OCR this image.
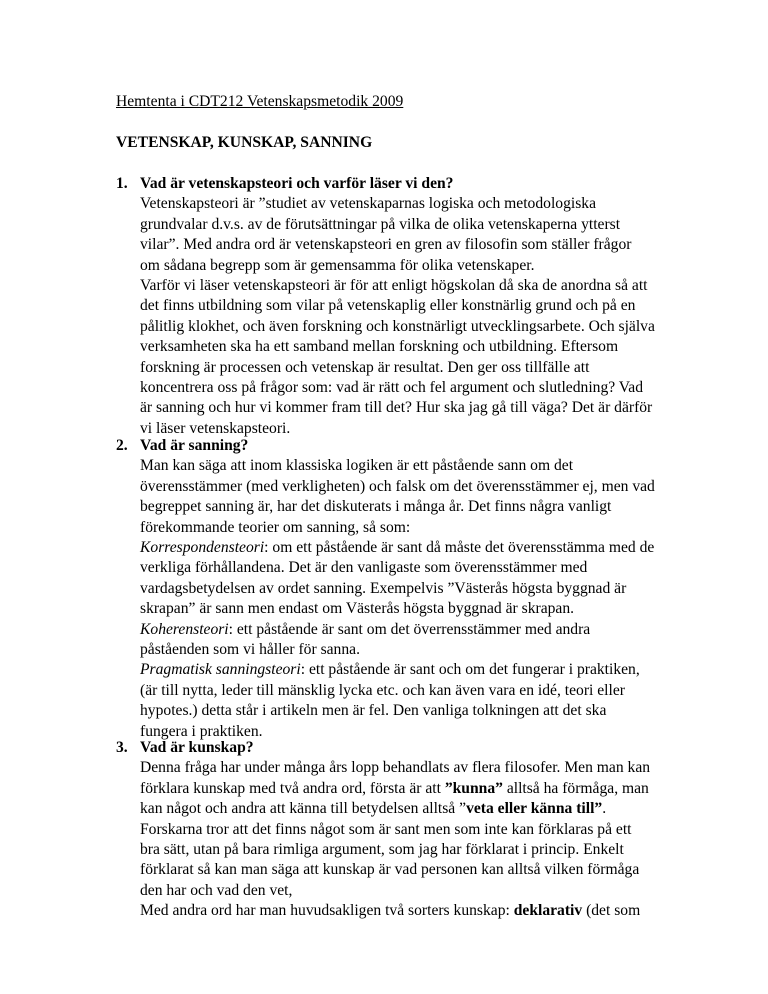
Hemtenta i CDT212 Vetenskapsmetodik 2009
VETENSKAP, KUNSKAP, SANNING
1. Vad är vetenskapsteori och varför läser vi den?
Vetenskapsteori är ”studiet av vetenskaparnas logiska och metodologiska
grundvalar d.v.s. av de förutsättningar på vilka de olika vetenskaperna ytterst
vilar”. Med andra ord är vetenskapsteori en gren av filosofin som ställer frågor
om sådana begrepp som är gemensamma för olika vetenskaper.
Varför vi läser vetenskapsteori är för att enligt högskolan då ska de anordna så att
det finns utbildning som vilar på vetenskaplig eller konstnärlig grund och på en
pålitlig klokhet, och även forskning och konstnärligt utvecklingsarbete. Och själva
verksamheten ska ha ett samband mellan forskning och utbildning. Eftersom
forskning är processen och vetenskap är resultat. Den ger oss tillfälle att
koncentrera oss på frågor som: vad är rätt och fel argument och slutledning? Vad
är sanning och hur vi kommer fram till det? Hur ska jag gå till väga? Det är därför
vi läser vetenskapsteori.
2. Vad är sanning?
Man kan säga att inom klassiska logiken är ett påstående sann om det
överensstämmer (med verkligheten) och falsk om det överensstämmer ej, men vad
begreppet sanning är, har det diskuterats i många år. Det finns några vanligt
förekommande teorier om sanning, så som:
Korrespondensteori: om ett påstående är sant då måste det överensstämma med de
verkliga förhållandena. Det är den vanligaste som överensstämmer med
vardagsbetydelsen av ordet sanning. Exempelvis ”Västerås högsta byggnad är
skrapan” är sann men endast om Västerås högsta byggnad är skrapan.
Koherensteori: ett påstående är sant om det överrensstämmer med andra
påståenden som vi håller för sanna.
Pragmatisk sanningsteori: ett påstående är sant och om det fungerar i praktiken,
(är till nytta, leder till mänsklig lycka etc. och kan även vara en idé, teori eller
hypotes.) detta står i artikeln men är fel. Den vanliga tolkningen att det ska
fungera i praktiken.
3. Vad är kunskap?
Denna fråga har under många års lopp behandlats av flera filosofer. Men man kan
förklara kunskap med två andra ord, första är att ”kunna” alltså ha förmåga, man
kan något och andra att känna till betydelsen alltså ”veta eller känna till”.
Forskarna tror att det finns något som är sant men som inte kan förklaras på ett
bra sätt, utan på bara rimliga argument, som jag har förklarat i princip. Enkelt
förklarat så kan man säga att kunskap är vad personen kan alltså vilken förmåga
den har och vad den vet,
Med andra ord har man huvudsakligen två sorters kunskap: deklarativ (det som
